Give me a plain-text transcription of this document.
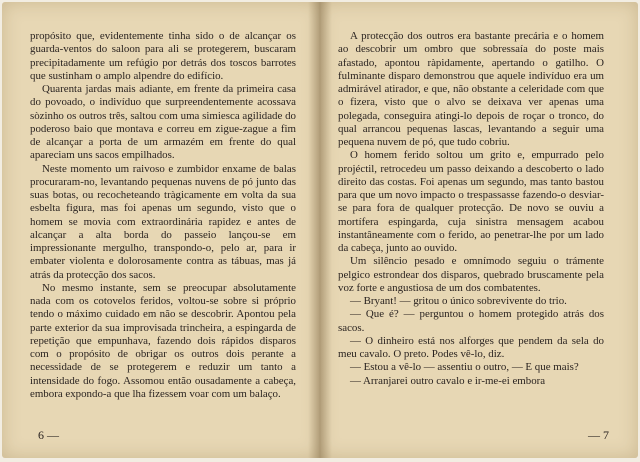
propósito que, evidentemente tinha sido o de alcançar os guarda-ventos do saloon para ali se protegerem, buscaram precipitadamente um refúgio por detrás dos toscos barrotes que sustinham o amplo alpendre do edifício.

Quarenta jardas mais adiante, em frente da primeira casa do povoado, o indivíduo que surpreendentemente acossava sòzinho os outros três, saltou com uma simiesca agilidade do poderoso baio que montava e correu em zigue-zague a fim de alcançar a porta de um armazém em frente do qual apareciam uns sacos empilhados.

Neste momento um raivoso e zumbidor enxame de balas procuraram-no, levantando pequenas nuvens de pó junto das suas botas, ou recocheteando tràgicamente em volta da sua esbelta figura, mas foi apenas um segundo, visto que o homem se movia com extraordinária rapidez e antes de alcançar a alta borda do passeio lançou-se em impressionante mergulho, transpondo-o, pelo ar, para ir embater violenta e dolorosamente contra as tábuas, mas já atrás da protecção dos sacos.

No mesmo instante, sem se preocupar absolutamente nada com os cotovelos feridos, voltou-se sobre si próprio tendo o máximo cuidado em não se descobrir. Apontou pela parte exterior da sua improvisada trincheira, a espingarda de repetição que empunhava, fazendo dois rápidos disparos com o propósito de obrigar os outros dois perante a necessidade de se protegerem e reduzir um tanto a intensidade do fogo. Assomou então ousadamente a cabeça, embora expondo-a que lha fizessem voar com um balaço.

A protecção dos outros era bastante precária e o homem ao descobrir um ombro que sobressaía do poste mais afastado, apontou ràpidamente, apertando o gatilho. O fulminante disparo demonstrou que aquele indivíduo era um admirável atirador, e que, não obstante a celeridade com que o fizera, visto que o alvo se deixava ver apenas uma polegada, conseguira atingi-lo depois de roçar o tronco, do qual arrancou pequenas lascas, levantando a seguir uma pequena nuvem de pó, que tudo cobriu.

O homem ferido soltou um grito e, empurrado pelo projéctil, retrocedeu um passo deixando a descoberto o lado direito das costas. Foi apenas um segundo, mas tanto bastou para que um novo impacto o trespassasse fazendo-o desviar-se para fora de qualquer protecção. De novo se ouviu a mortífera espingarda, cuja sinistra mensagem acabou instantâneamente com o ferido, ao penetrar-lhe por um lado da cabeça, junto ao ouvido.

Um silêncio pesado e omnímodo seguiu o trámente pelgico estrondear dos disparos, quebrado bruscamente pela voz forte e angustiosa de um dos combatentes.

— Bryant! — gritou o único sobrevivente do trio.

— Que é? — perguntou o homem protegido atrás dos sacos.

— O dinheiro está nos alforges que pendem da sela do meu cavalo. O preto. Podes vê-lo, diz.

— Estou a vê-lo — assentiu o outro, — E que mais?

— Arranjarei outro cavalo e ir-me-ei embora

6 —	— 7
